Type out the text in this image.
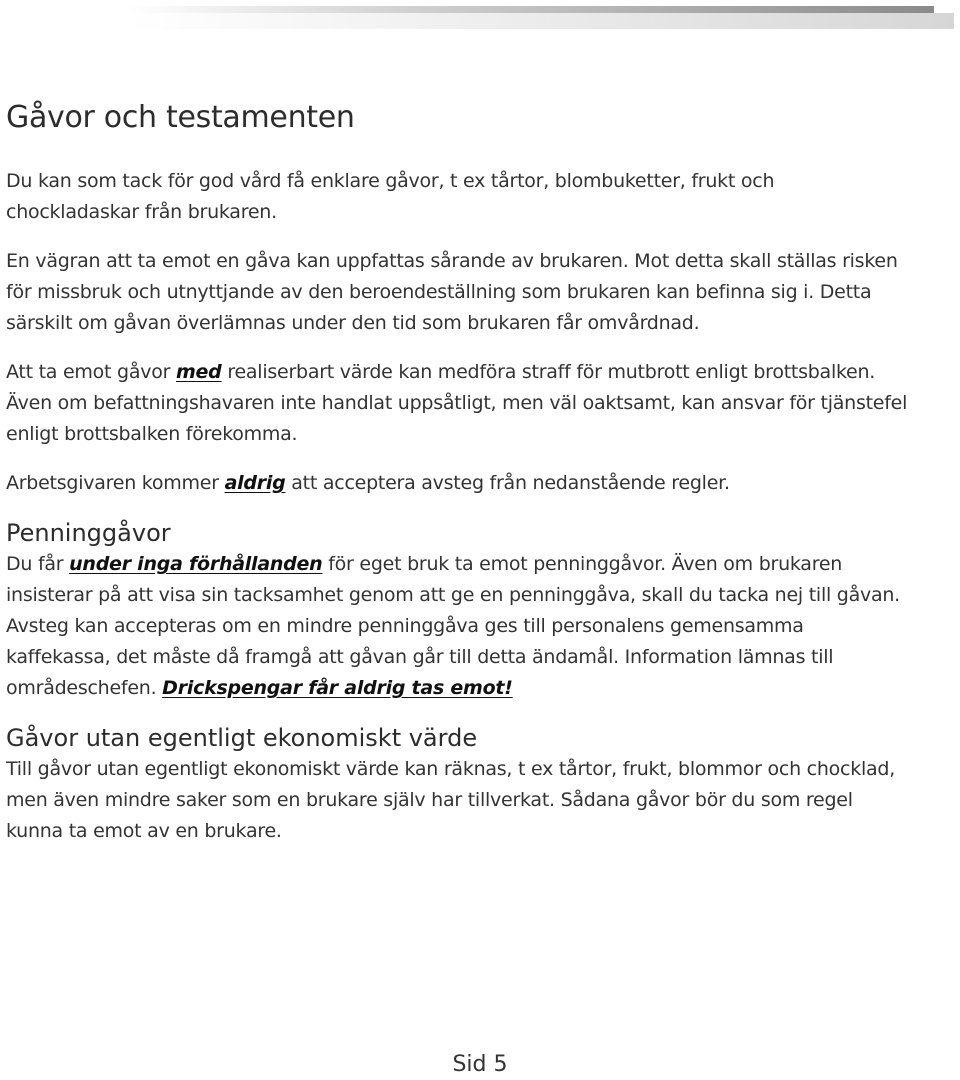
Gåvor och testamenten

Du kan som tack för god vård få enklare gåvor, t ex tårtor, blombuketter, frukt och chockladaskar från brukaren.

En vägran att ta emot en gåva kan uppfattas sårande av brukaren. Mot detta skall ställas risken för missbruk och utnyttjande av den beroendeställning som brukaren kan befinna sig i. Detta särskilt om gåvan överlämnas under den tid som brukaren får omvårdnad.

Att ta emot gåvor med realiserbart värde kan medföra straff för mutbrott enligt brottsbalken. Även om befattningshavaren inte handlat uppsåtligt, men väl oaktsamt, kan ansvar för tjänstefel enligt brottsbalken förekomma.

Arbetsgivaren kommer aldrig att acceptera avsteg från nedanstående regler.

Penninggåvor

Du får under inga förhållanden för eget bruk ta emot penninggåvor. Även om brukaren insisterar på att visa sin tacksamhet genom att ge en penninggåva, skall du tacka nej till gåvan. Avsteg kan accepteras om en mindre penninggåva ges till personalens gemensamma kaffekassa, det måste då framgå att gåvan går till detta ändamål. Information lämnas till områdeschefen. Drickspengar får aldrig tas emot!

Gåvor utan egentligt ekonomiskt värde

Till gåvor utan egentligt ekonomiskt värde kan räknas, t ex tårtor, frukt, blommor och chocklad, men även mindre saker som en brukare själv har tillverkat. Sådana gåvor bör du som regel kunna ta emot av en brukare.

Sid 5
